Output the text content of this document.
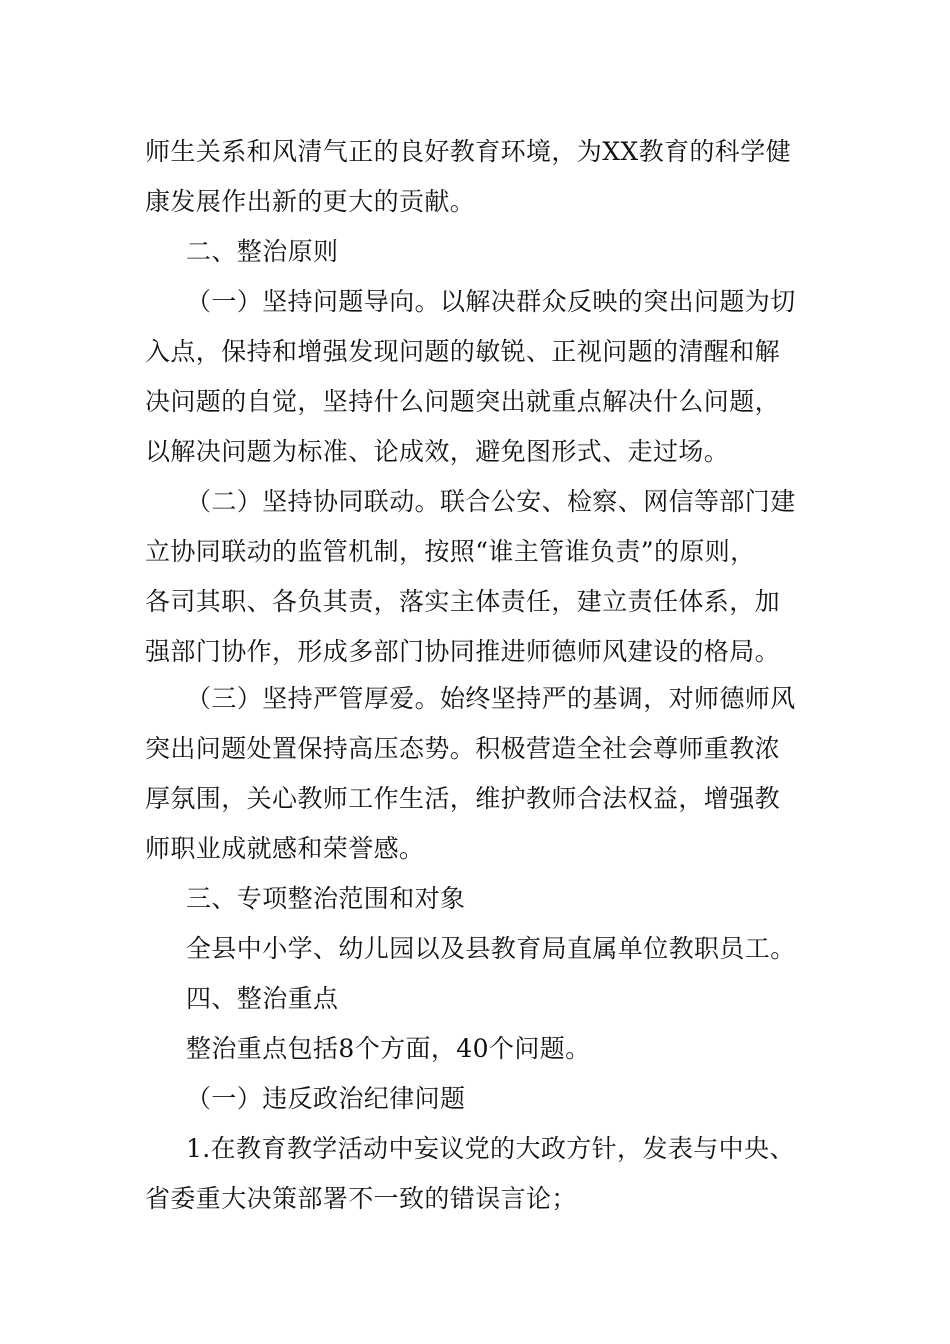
师生关系和风清气正的良好教育环境，为XX教育的科学健
康发展作出新的更大的贡献。
二、整治原则
（一）坚持问题导向。以解决群众反映的突出问题为切
入点，保持和增强发现问题的敏锐、正视问题的清醒和解
决问题的自觉，坚持什么问题突出就重点解决什么问题，
以解决问题为标准、论成效，避免图形式、走过场。
（二）坚持协同联动。联合公安、检察、网信等部门建
立协同联动的监管机制，按照“谁主管谁负责”的原则，
各司其职、各负其责，落实主体责任，建立责任体系，加
强部门协作，形成多部门协同推进师德师风建设的格局。
（三）坚持严管厚爱。始终坚持严的基调，对师德师风
突出问题处置保持高压态势。积极营造全社会尊师重教浓
厚氛围，关心教师工作生活，维护教师合法权益，增强教
师职业成就感和荣誉感。
三、专项整治范围和对象
全县中小学、幼儿园以及县教育局直属单位教职员工。
四、整治重点
整治重点包括8个方面，40个问题。
（一）违反政治纪律问题
1.在教育教学活动中妄议党的大政方针，发表与中央、
省委重大决策部署不一致的错误言论；
